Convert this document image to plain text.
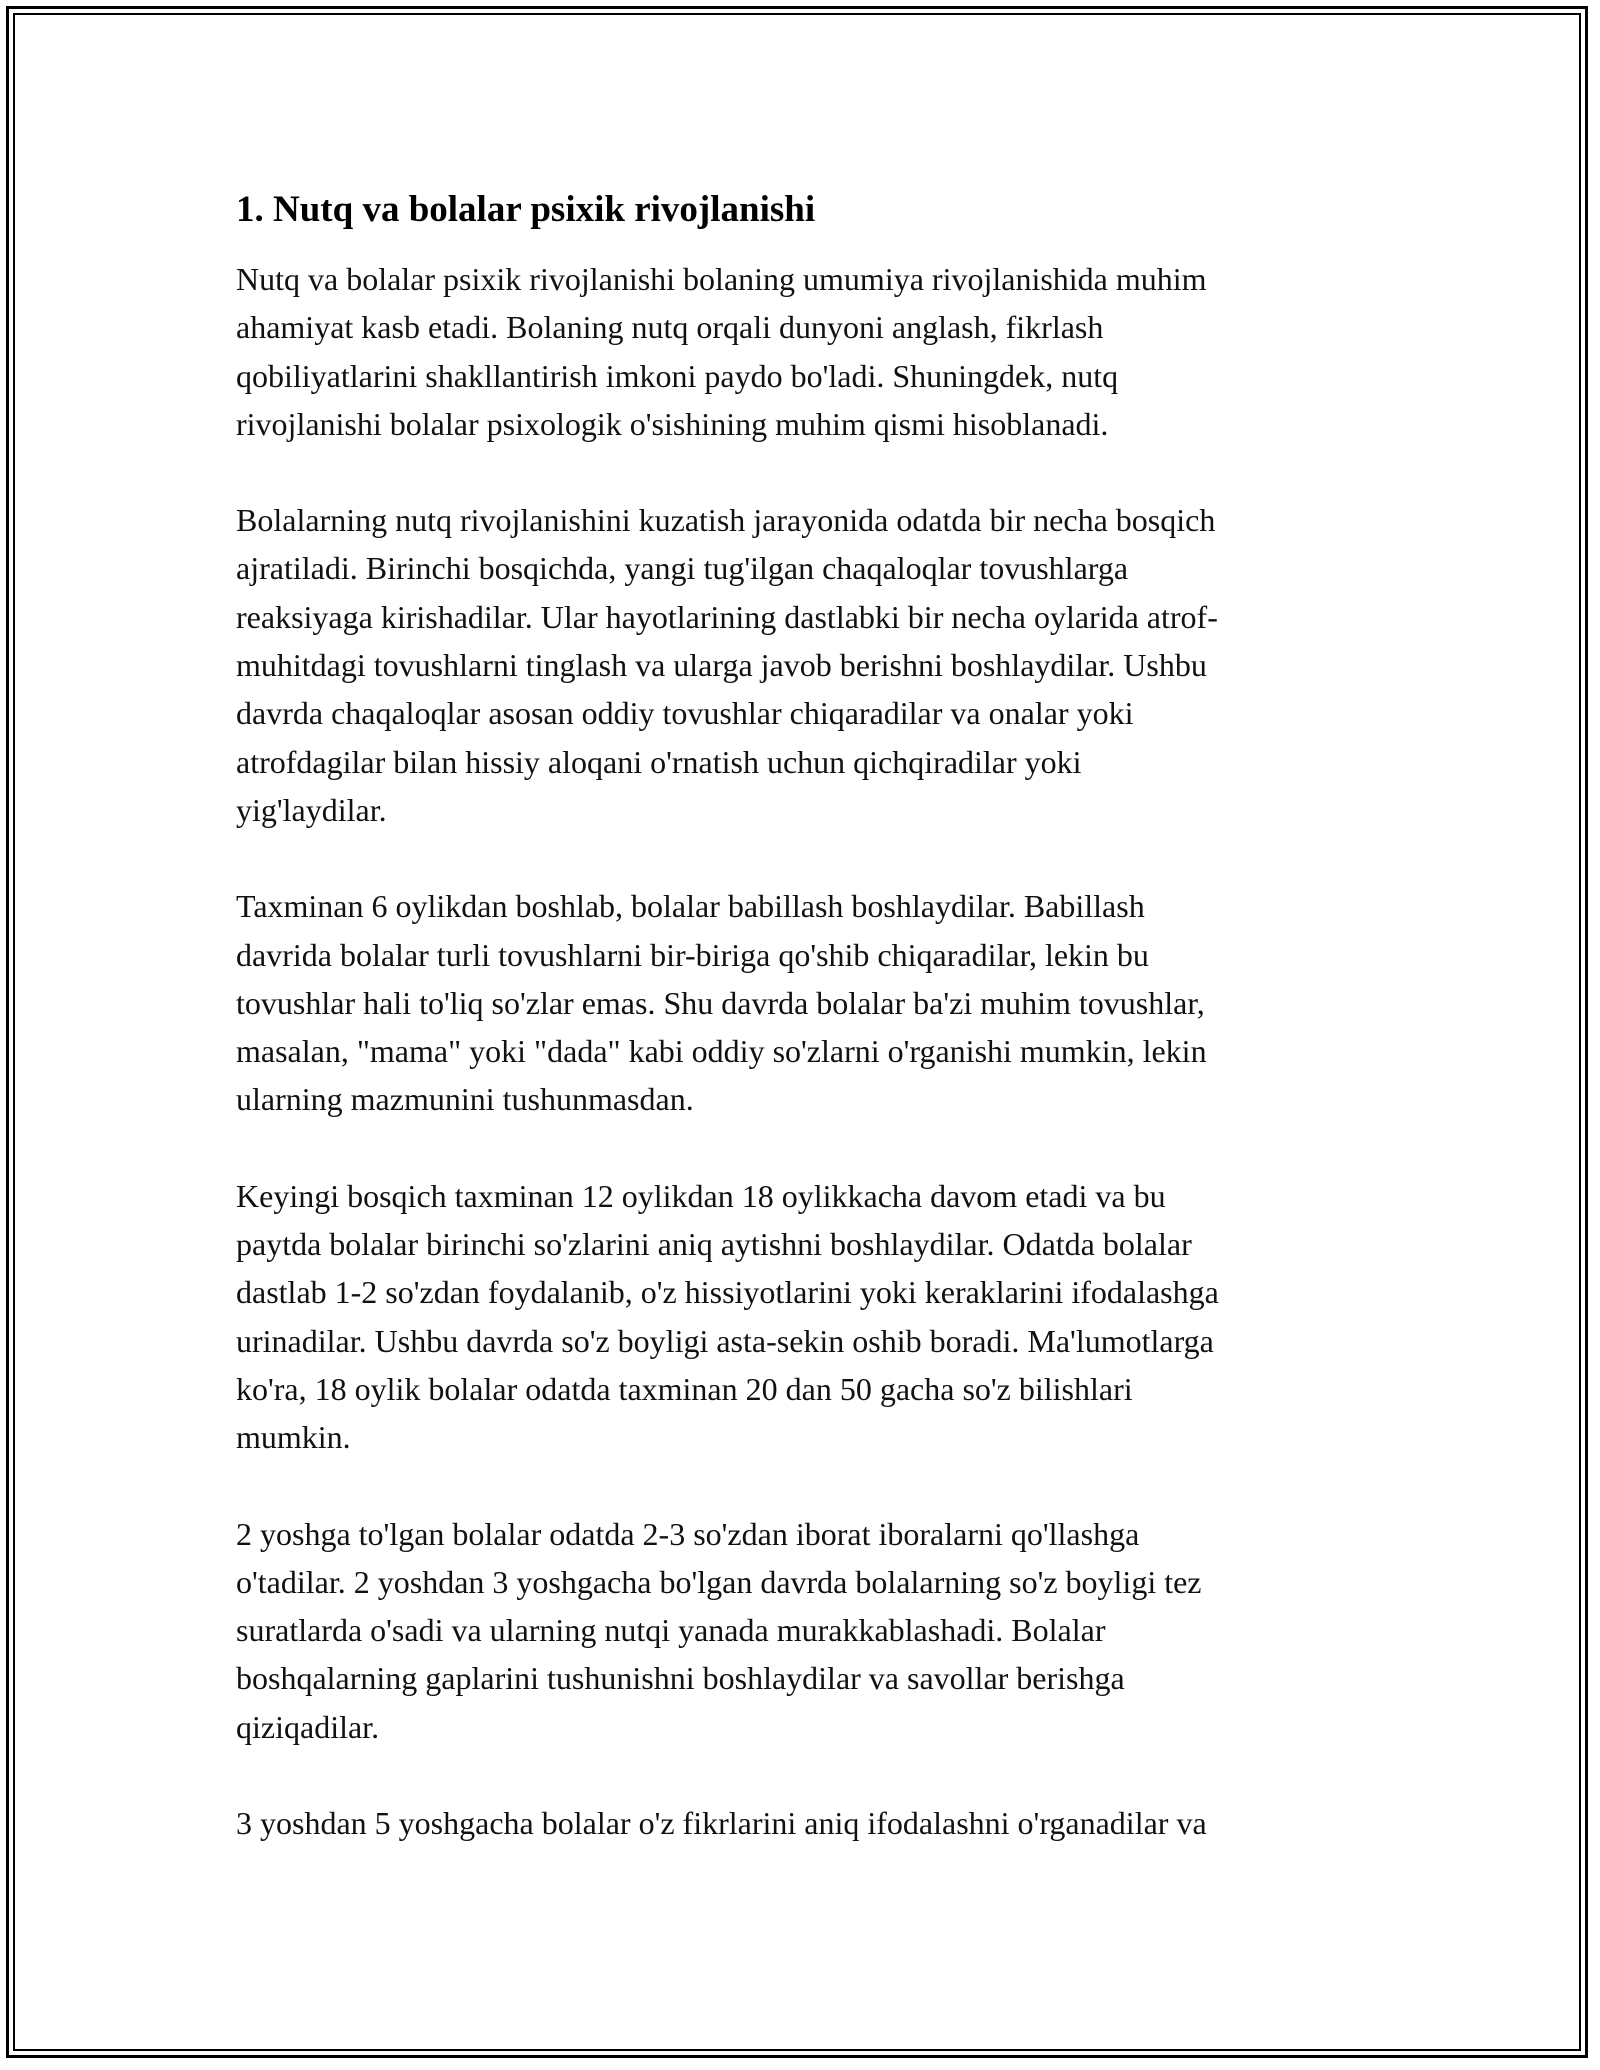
1. Nutq va bolalar psixik rivojlanishi

Nutq va bolalar psixik rivojlanishi bolaning umumiya rivojlanishida muhim
ahamiyat kasb etadi. Bolaning nutq orqali dunyoni anglash, fikrlash
qobiliyatlarini shakllantirish imkoni paydo bo'ladi. Shuningdek, nutq
rivojlanishi bolalar psixologik o'sishining muhim qismi hisoblanadi.

Bolalarning nutq rivojlanishini kuzatish jarayonida odatda bir necha bosqich
ajratiladi. Birinchi bosqichda, yangi tug'ilgan chaqaloqlar tovushlarga
reaksiyaga kirishadilar. Ular hayotlarining dastlabki bir necha oylarida atrof-
muhitdagi tovushlarni tinglash va ularga javob berishni boshlaydilar. Ushbu
davrda chaqaloqlar asosan oddiy tovushlar chiqaradilar va onalar yoki
atrofdagilar bilan hissiy aloqani o'rnatish uchun qichqiradilar yoki
yig'laydilar.

Taxminan 6 oylikdan boshlab, bolalar babillash boshlaydilar. Babillash
davrida bolalar turli tovushlarni bir-biriga qo'shib chiqaradilar, lekin bu
tovushlar hali to'liq so'zlar emas. Shu davrda bolalar ba'zi muhim tovushlar,
masalan, "mama" yoki "dada" kabi oddiy so'zlarni o'rganishi mumkin, lekin
ularning mazmunini tushunmasdan.

Keyingi bosqich taxminan 12 oylikdan 18 oylikkacha davom etadi va bu
paytda bolalar birinchi so'zlarini aniq aytishni boshlaydilar. Odatda bolalar
dastlab 1-2 so'zdan foydalanib, o'z hissiyotlarini yoki keraklarini ifodalashga
urinadilar. Ushbu davrda so'z boyligi asta-sekin oshib boradi. Ma'lumotlarga
ko'ra, 18 oylik bolalar odatda taxminan 20 dan 50 gacha so'z bilishlari
mumkin.

2 yoshga to'lgan bolalar odatda 2-3 so'zdan iborat iboralarni qo'llashga
o'tadilar. 2 yoshdan 3 yoshgacha bo'lgan davrda bolalarning so'z boyligi tez
suratlarda o'sadi va ularning nutqi yanada murakkablashadi. Bolalar
boshqalarning gaplarini tushunishni boshlaydilar va savollar berishga
qiziqadilar.

3 yoshdan 5 yoshgacha bolalar o'z fikrlarini aniq ifodalashni o'rganadilar va
